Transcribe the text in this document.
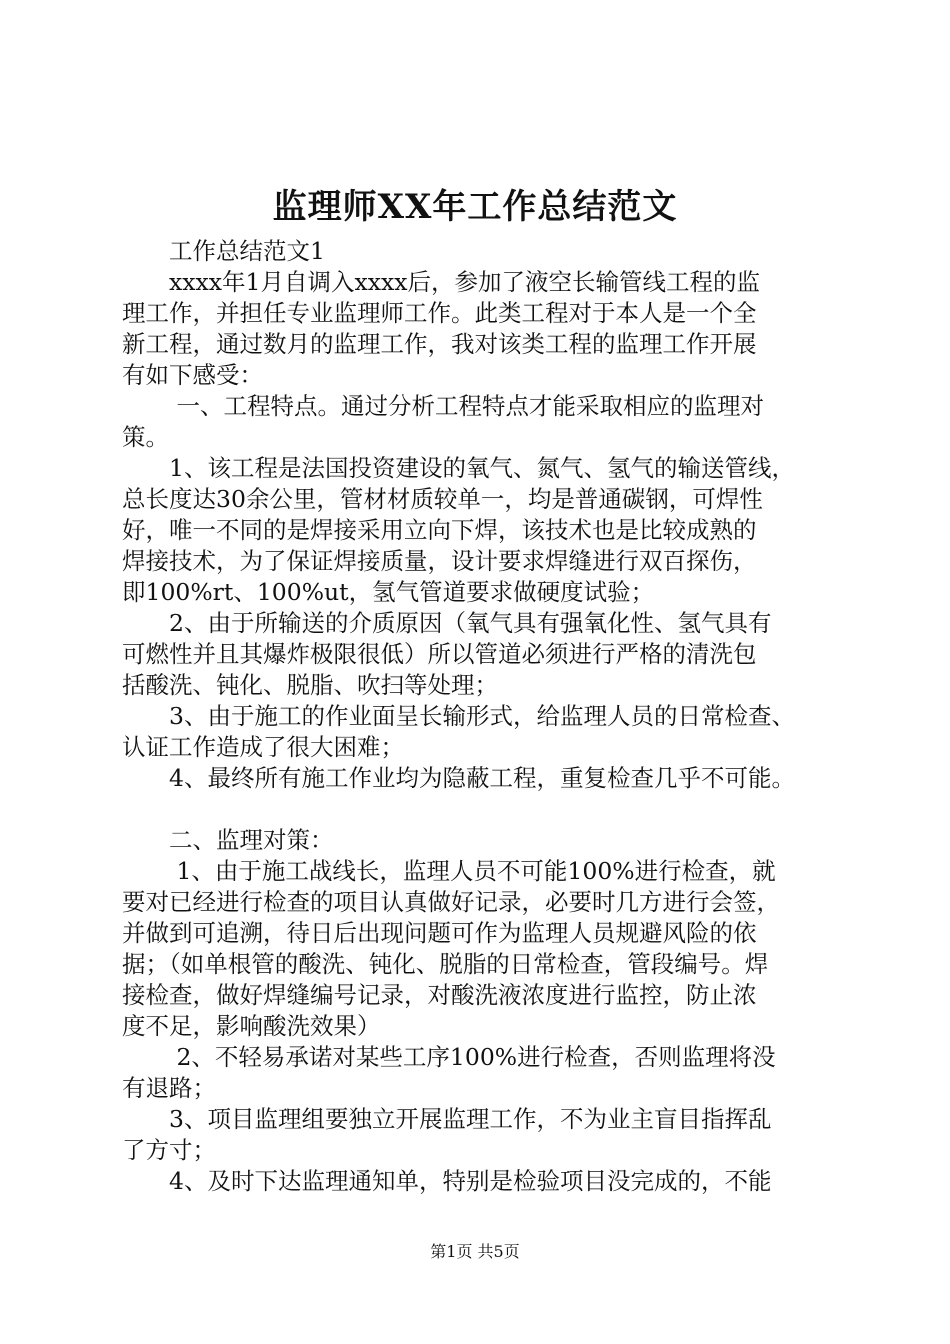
监理师XX年工作总结范文
　　工作总结范文1
　　xxxx年1月自调入xxxx后，参加了液空长输管线工程的监
理工作，并担任专业监理师工作。此类工程对于本人是一个全
新工程，通过数月的监理工作，我对该类工程的监理工作开展
有如下感受：
　　 一、工程特点。通过分析工程特点才能采取相应的监理对
策。
　　1、该工程是法国投资建设的氧气、氮气、氢气的输送管线，
总长度达30余公里，管材材质较单一，均是普通碳钢，可焊性
好，唯一不同的是焊接采用立向下焊，该技术也是比较成熟的
焊接技术，为了保证焊接质量，设计要求焊缝进行双百探伤，
即100%rt、100%ut，氢气管道要求做硬度试验；
　　2、由于所输送的介质原因（氧气具有强氧化性、氢气具有
可燃性并且其爆炸极限很低）所以管道必须进行严格的清洗包
括酸洗、钝化、脱脂、吹扫等处理；
　　3、由于施工的作业面呈长输形式，给监理人员的日常检查、
认证工作造成了很大困难；
　　4、最终所有施工作业均为隐蔽工程，重复检查几乎不可能。
　　二、监理对策：
　　 1、由于施工战线长，监理人员不可能100%进行检查，就
要对已经进行检查的项目认真做好记录，必要时几方进行会签，
并做到可追溯，待日后出现问题可作为监理人员规避风险的依
据；（如单根管的酸洗、钝化、脱脂的日常检查，管段编号。焊
接检查，做好焊缝编号记录，对酸洗液浓度进行监控，防止浓
度不足，影响酸洗效果）
　　 2、不轻易承诺对某些工序100%进行检查，否则监理将没
有退路；
　　3、项目监理组要独立开展监理工作，不为业主盲目指挥乱
了方寸；
　　4、及时下达监理通知单，特别是检验项目没完成的，不能
第1页 共5页
